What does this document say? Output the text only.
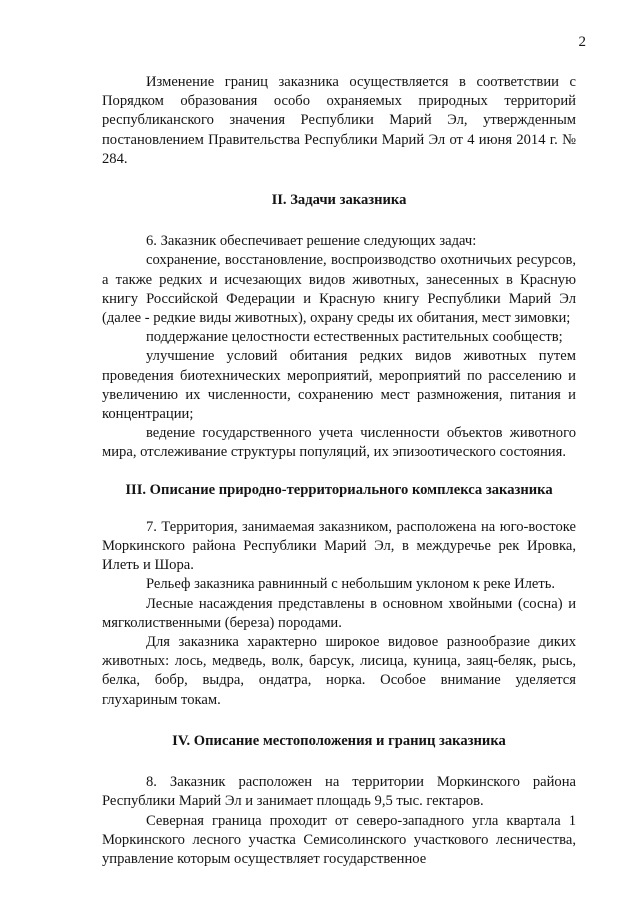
2

Изменение границ заказника осуществляется в соответствии с Порядком образования особо охраняемых природных территорий республиканского значения Республики Марий Эл, утвержденным постановлением Правительства Республики Марий Эл от 4 июня 2014 г. № 284.

II. Задачи заказника

6. Заказник обеспечивает решение следующих задач:

сохранение, восстановление, воспроизводство охотничьих ресурсов, а также редких и исчезающих видов животных, занесенных в Красную книгу Российской Федерации и Красную книгу Республики Марий Эл (далее - редкие виды животных), охрану среды их обитания, мест зимовки;

поддержание целостности естественных растительных сообществ;

улучшение условий обитания редких видов животных путем проведения биотехнических мероприятий, мероприятий по расселению и увеличению их численности, сохранению мест размножения, питания и концентрации;

ведение государственного учета численности объектов животного мира, отслеживание структуры популяций, их эпизоотического состояния.

III. Описание природно-территориального комплекса заказника

7. Территория, занимаемая заказником, расположена на юго-востоке Моркинского района Республики Марий Эл, в междуречье рек Ировка, Илеть и Шора.

Рельеф заказника равнинный с небольшим уклоном к реке Илеть.

Лесные насаждения представлены в основном хвойными (сосна) и мягколиственными (береза) породами.

Для заказника характерно широкое видовое разнообразие диких животных: лось, медведь, волк, барсук, лисица, куница, заяц-беляк, рысь, белка, бобр, выдра, ондатра, норка. Особое внимание уделяется глухариным токам.

IV. Описание местоположения и границ заказника

8. Заказник расположен на территории Моркинского района Республики Марий Эл и занимает площадь 9,5 тыс. гектаров.

Северная граница проходит от северо-западного угла квартала 1 Моркинского лесного участка Семисолинского участкового лесничества, управление которым осуществляет государственное
